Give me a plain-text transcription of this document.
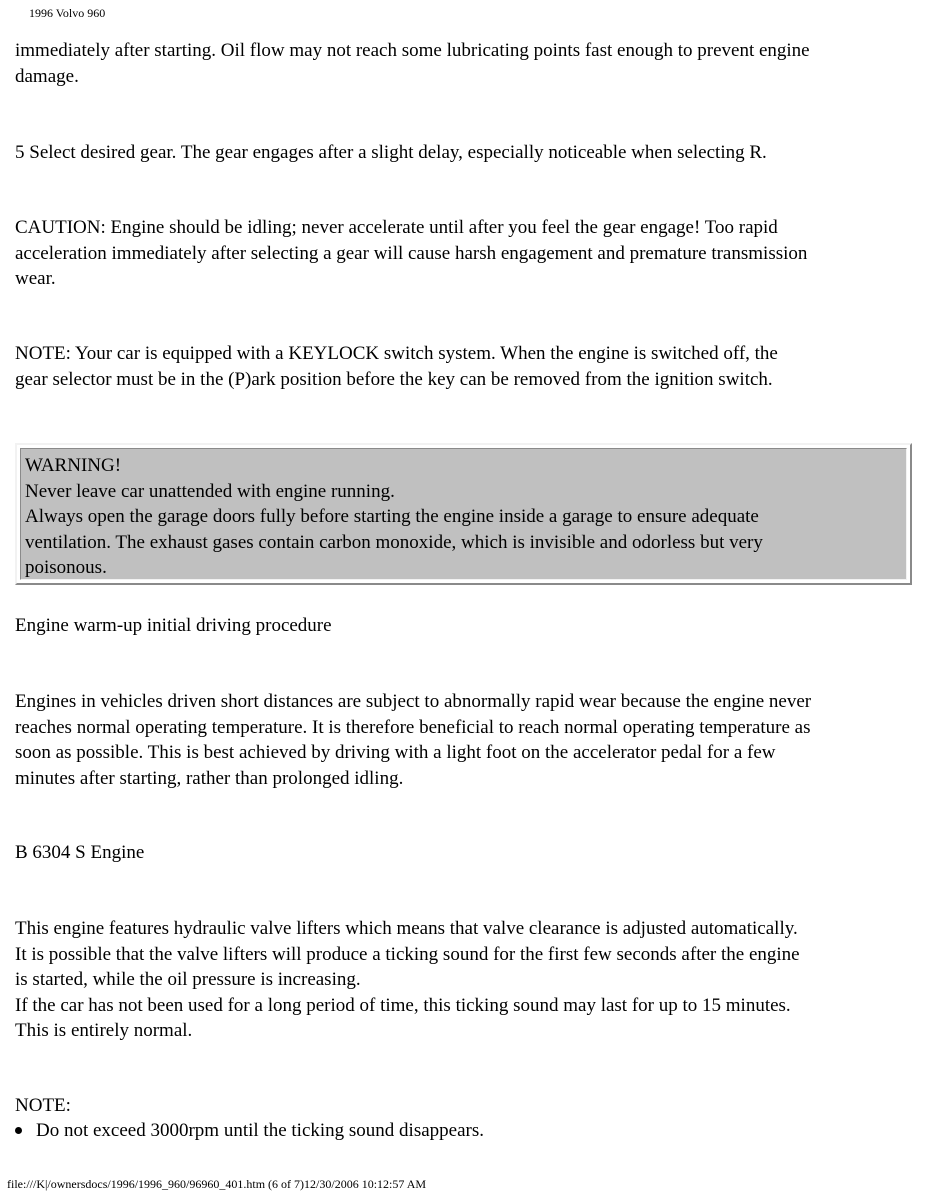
1996 Volvo 960
immediately after starting. Oil flow may not reach some lubricating points fast enough to prevent engine
damage.
5 Select desired gear. The gear engages after a slight delay, especially noticeable when selecting R.
CAUTION: Engine should be idling; never accelerate until after you feel the gear engage! Too rapid
acceleration immediately after selecting a gear will cause harsh engagement and premature transmission
wear.
NOTE: Your car is equipped with a KEYLOCK switch system. When the engine is switched off, the
gear selector must be in the (P)ark position before the key can be removed from the ignition switch.
WARNING!
Never leave car unattended with engine running.
Always open the garage doors fully before starting the engine inside a garage to ensure adequate
ventilation. The exhaust gases contain carbon monoxide, which is invisible and odorless but very
poisonous.
Engine warm-up initial driving procedure
Engines in vehicles driven short distances are subject to abnormally rapid wear because the engine never
reaches normal operating temperature. It is therefore beneficial to reach normal operating temperature as
soon as possible. This is best achieved by driving with a light foot on the accelerator pedal for a few
minutes after starting, rather than prolonged idling.
B 6304 S Engine
This engine features hydraulic valve lifters which means that valve clearance is adjusted automatically.
It is possible that the valve lifters will produce a ticking sound for the first few seconds after the engine
is started, while the oil pressure is increasing.
If the car has not been used for a long period of time, this ticking sound may last for up to 15 minutes.
This is entirely normal.
NOTE:
Do not exceed 3000rpm until the ticking sound disappears.
file:///K|/ownersdocs/1996/1996_960/96960_401.htm (6 of 7)12/30/2006 10:12:57 AM
